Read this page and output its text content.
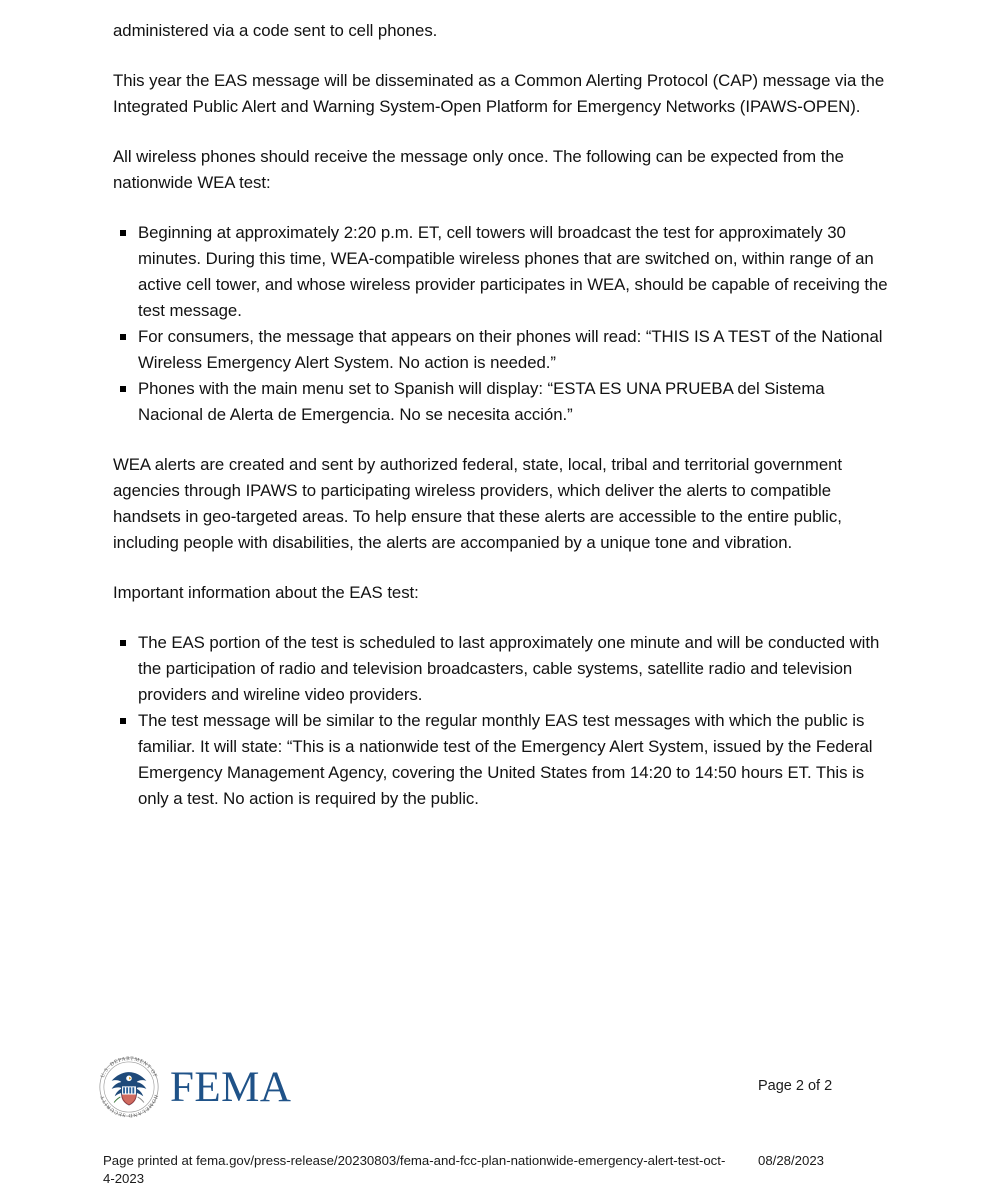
administered via a code sent to cell phones.

This year the EAS message will be disseminated as a Common Alerting Protocol (CAP) message via the Integrated Public Alert and Warning System-Open Platform for Emergency Networks (IPAWS-OPEN).

All wireless phones should receive the message only once. The following can be expected from the nationwide WEA test:

Beginning at approximately 2:20 p.m. ET, cell towers will broadcast the test for approximately 30 minutes. During this time, WEA-compatible wireless phones that are switched on, within range of an active cell tower, and whose wireless provider participates in WEA, should be capable of receiving the test message.
For consumers, the message that appears on their phones will read: “THIS IS A TEST of the National Wireless Emergency Alert System. No action is needed.”
Phones with the main menu set to Spanish will display: “ESTA ES UNA PRUEBA del Sistema Nacional de Alerta de Emergencia. No se necesita acción.”

WEA alerts are created and sent by authorized federal, state, local, tribal and territorial government agencies through IPAWS to participating wireless providers, which deliver the alerts to compatible handsets in geo-targeted areas. To help ensure that these alerts are accessible to the entire public, including people with disabilities, the alerts are accompanied by a unique tone and vibration.

Important information about the EAS test:

The EAS portion of the test is scheduled to last approximately one minute and will be conducted with the participation of radio and television broadcasters, cable systems, satellite radio and television providers and wireline video providers.
The test message will be similar to the regular monthly EAS test messages with which the public is familiar. It will state: “This is a nationwide test of the Emergency Alert System, issued by the Federal Emergency Management Agency, covering the United States from 14:20 to 14:50 hours ET. This is only a test. No action is required by the public.
U.S. DEPARTMENT OF
HOMELAND SECURITY	FEMA	Page 2 of 2
Page printed at fema.gov/press-release/20230803/fema-and-fcc-plan-nationwide-emergency-alert-test-oct-4-2023
08/28/2023
